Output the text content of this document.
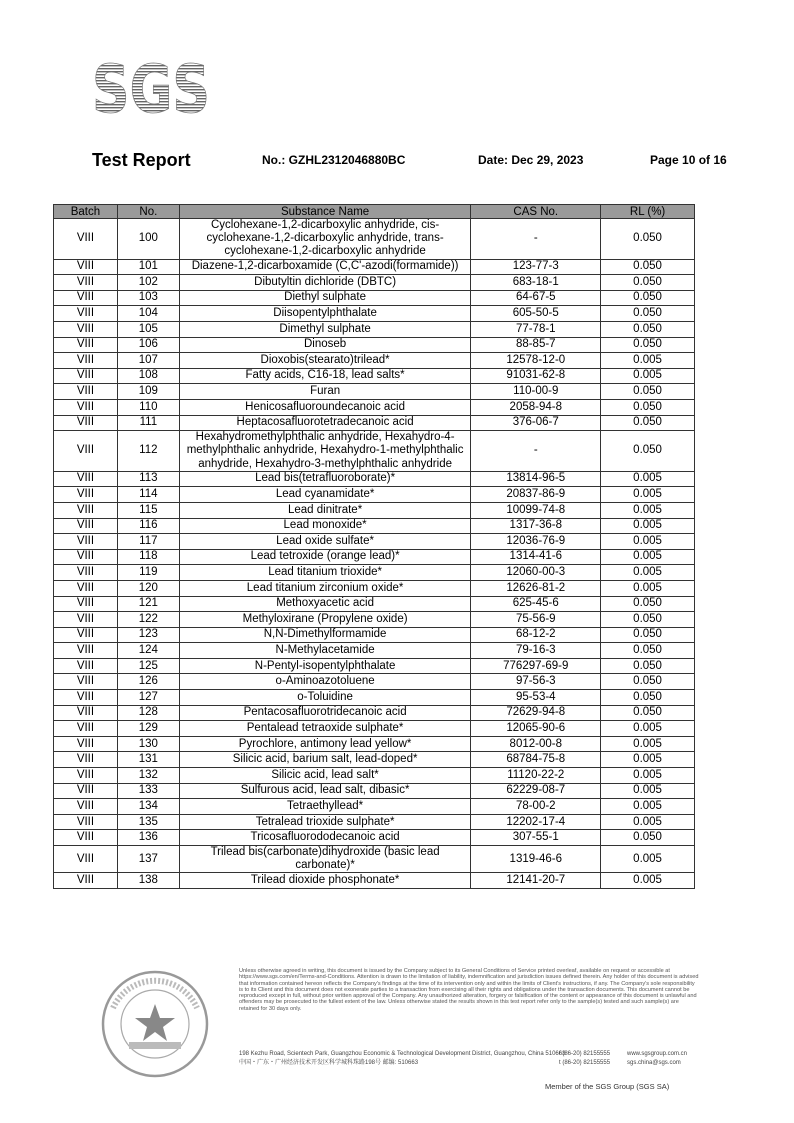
SGS
Test Report	No.: GZHL2312046880BC	Date: Dec 29, 2023	Page 10 of 16
Batch	No.	Substance Name	CAS No.	RL (%)
VIII	100	Cyclohexane-1,2-dicarboxylic anhydride, cis-cyclohexane-1,2-dicarboxylic anhydride, trans-cyclohexane-1,2-dicarboxylic anhydride	-	0.050
VIII	101	Diazene-1,2-dicarboxamide (C,C'-azodi(formamide))	123-77-3	0.050
VIII	102	Dibutyltin dichloride (DBTC)	683-18-1	0.050
VIII	103	Diethyl sulphate	64-67-5	0.050
VIII	104	Diisopentylphthalate	605-50-5	0.050
VIII	105	Dimethyl sulphate	77-78-1	0.050
VIII	106	Dinoseb	88-85-7	0.050
VIII	107	Dioxobis(stearato)trilead*	12578-12-0	0.005
VIII	108	Fatty acids, C16-18, lead salts*	91031-62-8	0.005
VIII	109	Furan	110-00-9	0.050
VIII	110	Henicosafluoroundecanoic acid	2058-94-8	0.050
VIII	111	Heptacosafluorotetradecanoic acid	376-06-7	0.050
VIII	112	Hexahydromethylphthalic anhydride, Hexahydro-4-methylphthalic anhydride, Hexahydro-1-methylphthalic anhydride, Hexahydro-3-methylphthalic anhydride	-	0.050
VIII	113	Lead bis(tetrafluoroborate)*	13814-96-5	0.005
VIII	114	Lead cyanamidate*	20837-86-9	0.005
VIII	115	Lead dinitrate*	10099-74-8	0.005
VIII	116	Lead monoxide*	1317-36-8	0.005
VIII	117	Lead oxide sulfate*	12036-76-9	0.005
VIII	118	Lead tetroxide (orange lead)*	1314-41-6	0.005
VIII	119	Lead titanium trioxide*	12060-00-3	0.005
VIII	120	Lead titanium zirconium oxide*	12626-81-2	0.005
VIII	121	Methoxyacetic acid	625-45-6	0.050
VIII	122	Methyloxirane (Propylene oxide)	75-56-9	0.050
VIII	123	N,N-Dimethylformamide	68-12-2	0.050
VIII	124	N-Methylacetamide	79-16-3	0.050
VIII	125	N-Pentyl-isopentylphthalate	776297-69-9	0.050
VIII	126	o-Aminoazotoluene	97-56-3	0.050
VIII	127	o-Toluidine	95-53-4	0.050
VIII	128	Pentacosafluorotridecanoic acid	72629-94-8	0.050
VIII	129	Pentalead tetraoxide sulphate*	12065-90-6	0.005
VIII	130	Pyrochlore, antimony lead yellow*	8012-00-8	0.005
VIII	131	Silicic acid, barium salt, lead-doped*	68784-75-8	0.005
VIII	132	Silicic acid, lead salt*	11120-22-2	0.005
VIII	133	Sulfurous acid, lead salt, dibasic*	62229-08-7	0.005
VIII	134	Tetraethyllead*	78-00-2	0.005
VIII	135	Tetralead trioxide sulphate*	12202-17-4	0.005
VIII	136	Tricosafluorododecanoic acid	307-55-1	0.050
VIII	137	Trilead bis(carbonate)dihydroxide (basic lead carbonate)*	1319-46-6	0.005
VIII	138	Trilead dioxide phosphonate*	12141-20-7	0.005
Unless otherwise agreed in writing, this document is issued by the Company subject to its General Conditions of Service printed overleaf, available on request or accessible at https://www.sgs.com/en/Terms-and-Conditions. Attention is drawn to the limitation of liability, indemnification and jurisdiction issues defined therein. Any holder of this document is advised that information contained hereon reflects the Company's findings at the time of its intervention only and within the limits of Client's instructions, if any. The Company's sole responsibility is to its Client and this document does not exonerate parties to a transaction from exercising all their rights and obligations under the transaction documents. This document cannot be reproduced except in full, without prior written approval of the Company. Any unauthorized alteration, forgery or falsification of the content or appearance of this document is unlawful and offenders may be prosecuted to the fullest extent of the law. Unless otherwise stated the results shown in this test report refer only to the sample(s) tested and such sample(s) are retained for 30 days only.
198 Kezhu Road, Scientech Park, Guangzhou Economic & Technological Development District, Guangzhou, China 510663
t (86-20) 82155555	www.sgsgroup.com.cn
中国・广东・广州经济技术开发区科学城科珠路198号 邮编: 510663	t (86-20) 82155555	sgs.china@sgs.com
Member of the SGS Group (SGS SA)
